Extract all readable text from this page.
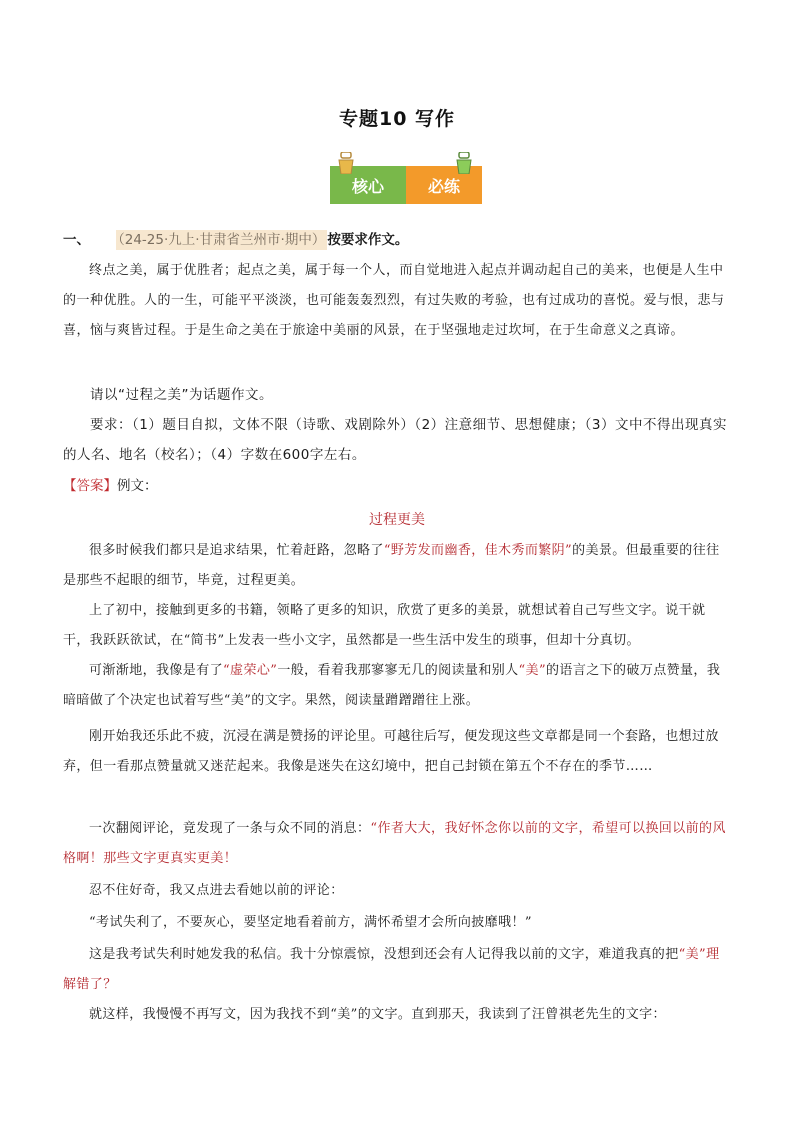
专题10 写作
核心	必练
一、 （24-25·九上·甘肃省兰州市·期中） 按要求作文。
终点之美，属于优胜者；起点之美，属于每一个人，而自觉地进入起点并调动起自己的美来，也便是人生中的一种优胜。人的一生，可能平平淡淡，也可能轰轰烈烈，有过失败的考验，也有过成功的喜悦。爱与恨，悲与喜，恼与爽皆过程。于是生命之美在于旅途中美丽的风景，在于坚强地走过坎坷，在于生命意义之真谛。
请以“过程之美”为话题作文。
要求：（1）题目自拟，文体不限（诗歌、戏剧除外）（2）注意细节、思想健康；（3）文中不得出现真实的人名、地名（校名）；（4）字数在600字左右。
【答案】例文：
过程更美
很多时候我们都只是追求结果，忙着赶路，忽略了“野芳发而幽香，佳木秀而繁阴”的美景。但最重要的往往是那些不起眼的细节，毕竟，过程更美。
上了初中，接触到更多的书籍，领略了更多的知识，欣赏了更多的美景，就想试着自己写些文字。说干就干，我跃跃欲试，在“简书”上发表一些小文字，虽然都是一些生活中发生的琐事，但却十分真切。
可渐渐地，我像是有了“虚荣心”一般，看着我那寥寥无几的阅读量和别人“美”的语言之下的破万点赞量，我暗暗做了个决定也试着写些“美”的文字。果然，阅读量蹭蹭蹭往上涨。
刚开始我还乐此不疲，沉浸在满是赞扬的评论里。可越往后写，便发现这些文章都是同一个套路，也想过放弃，但一看那点赞量就又迷茫起来。我像是迷失在这幻境中，把自己封锁在第五个不存在的季节……
一次翻阅评论，竟发现了一条与众不同的消息：“作者大大，我好怀念你以前的文字，希望可以换回以前的风格啊！那些文字更真实更美！
忍不住好奇，我又点进去看她以前的评论：
“考试失利了，不要灰心，要坚定地看着前方，满怀希望才会所向披靡哦！”
这是我考试失利时她发我的私信。我十分惊震惊，没想到还会有人记得我以前的文字，难道我真的把“美”理解错了？
就这样，我慢慢不再写文，因为我找不到“美”的文字。直到那天，我读到了汪曾祺老先生的文字：
